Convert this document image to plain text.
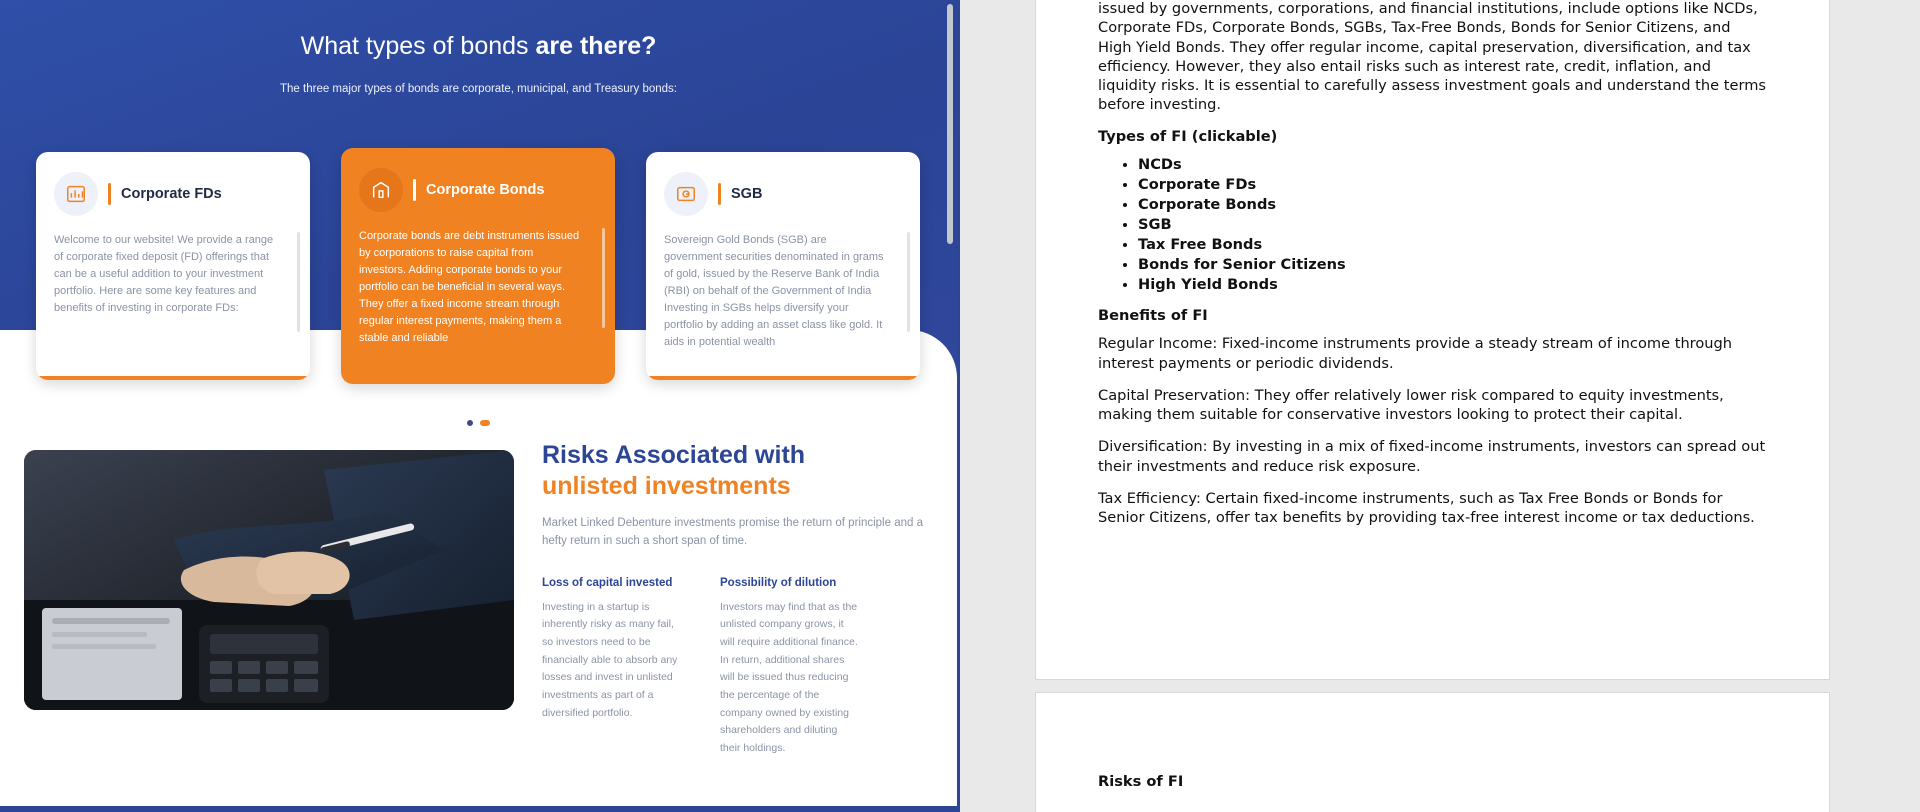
What types of bonds are there?
The three major types of bonds are corporate, municipal, and Treasury bonds:
Corporate FDs
Welcome to our website! We provide a range of corporate fixed deposit (FD) offerings that can be a useful addition to your investment portfolio. Here are some key features and benefits of investing in corporate FDs:
Corporate Bonds
Corporate bonds are debt instruments issued by corporations to raise capital from investors. Adding corporate bonds to your portfolio can be beneficial in several ways. They offer a fixed income stream through regular interest payments, making them a stable and reliable
SGB
Sovereign Gold Bonds (SGB) are government securities denominated in grams of gold, issued by the Reserve Bank of India (RBI) on behalf of the Government of India Investing in SGBs helps diversify your portfolio by adding an asset class like gold. It aids in potential wealth
Risks Associated with
unlisted investments
Market Linked Debenture investments promise the return of principle and a hefty return in such a short span of time.
Loss of capital invested

Investing in a startup is inherently risky as many fail, so investors need to be financially able to absorb any losses and invest in unlisted investments as part of a diversified portfolio.

Possibility of dilution

Investors may find that as the unlisted company grows, it will require additional finance. In return, additional shares will be issued thus reducing the percentage of the company owned by existing shareholders and diluting their holdings.

issued by governments, corporations, and financial institutions, include options like NCDs, Corporate FDs, Corporate Bonds, SGBs, Tax-Free Bonds, Bonds for Senior Citizens, and High Yield Bonds. They offer regular income, capital preservation, diversification, and tax efficiency. However, they also entail risks such as interest rate, credit, inflation, and liquidity risks. It is essential to carefully assess investment goals and understand the terms before investing.

Types of FI (clickable)
• NCDs
• Corporate FDs
• Corporate Bonds
• SGB
• Tax Free Bonds
• Bonds for Senior Citizens
• High Yield Bonds
Benefits of FI

Regular Income: Fixed-income instruments provide a steady stream of income through interest payments or periodic dividends.

Capital Preservation: They offer relatively lower risk compared to equity investments, making them suitable for conservative investors looking to protect their capital.

Diversification: By investing in a mix of fixed-income instruments, investors can spread out their investments and reduce risk exposure.

Tax Efficiency: Certain fixed-income instruments, such as Tax Free Bonds or Bonds for Senior Citizens, offer tax benefits by providing tax-free interest income or tax deductions.

Risks of FI
